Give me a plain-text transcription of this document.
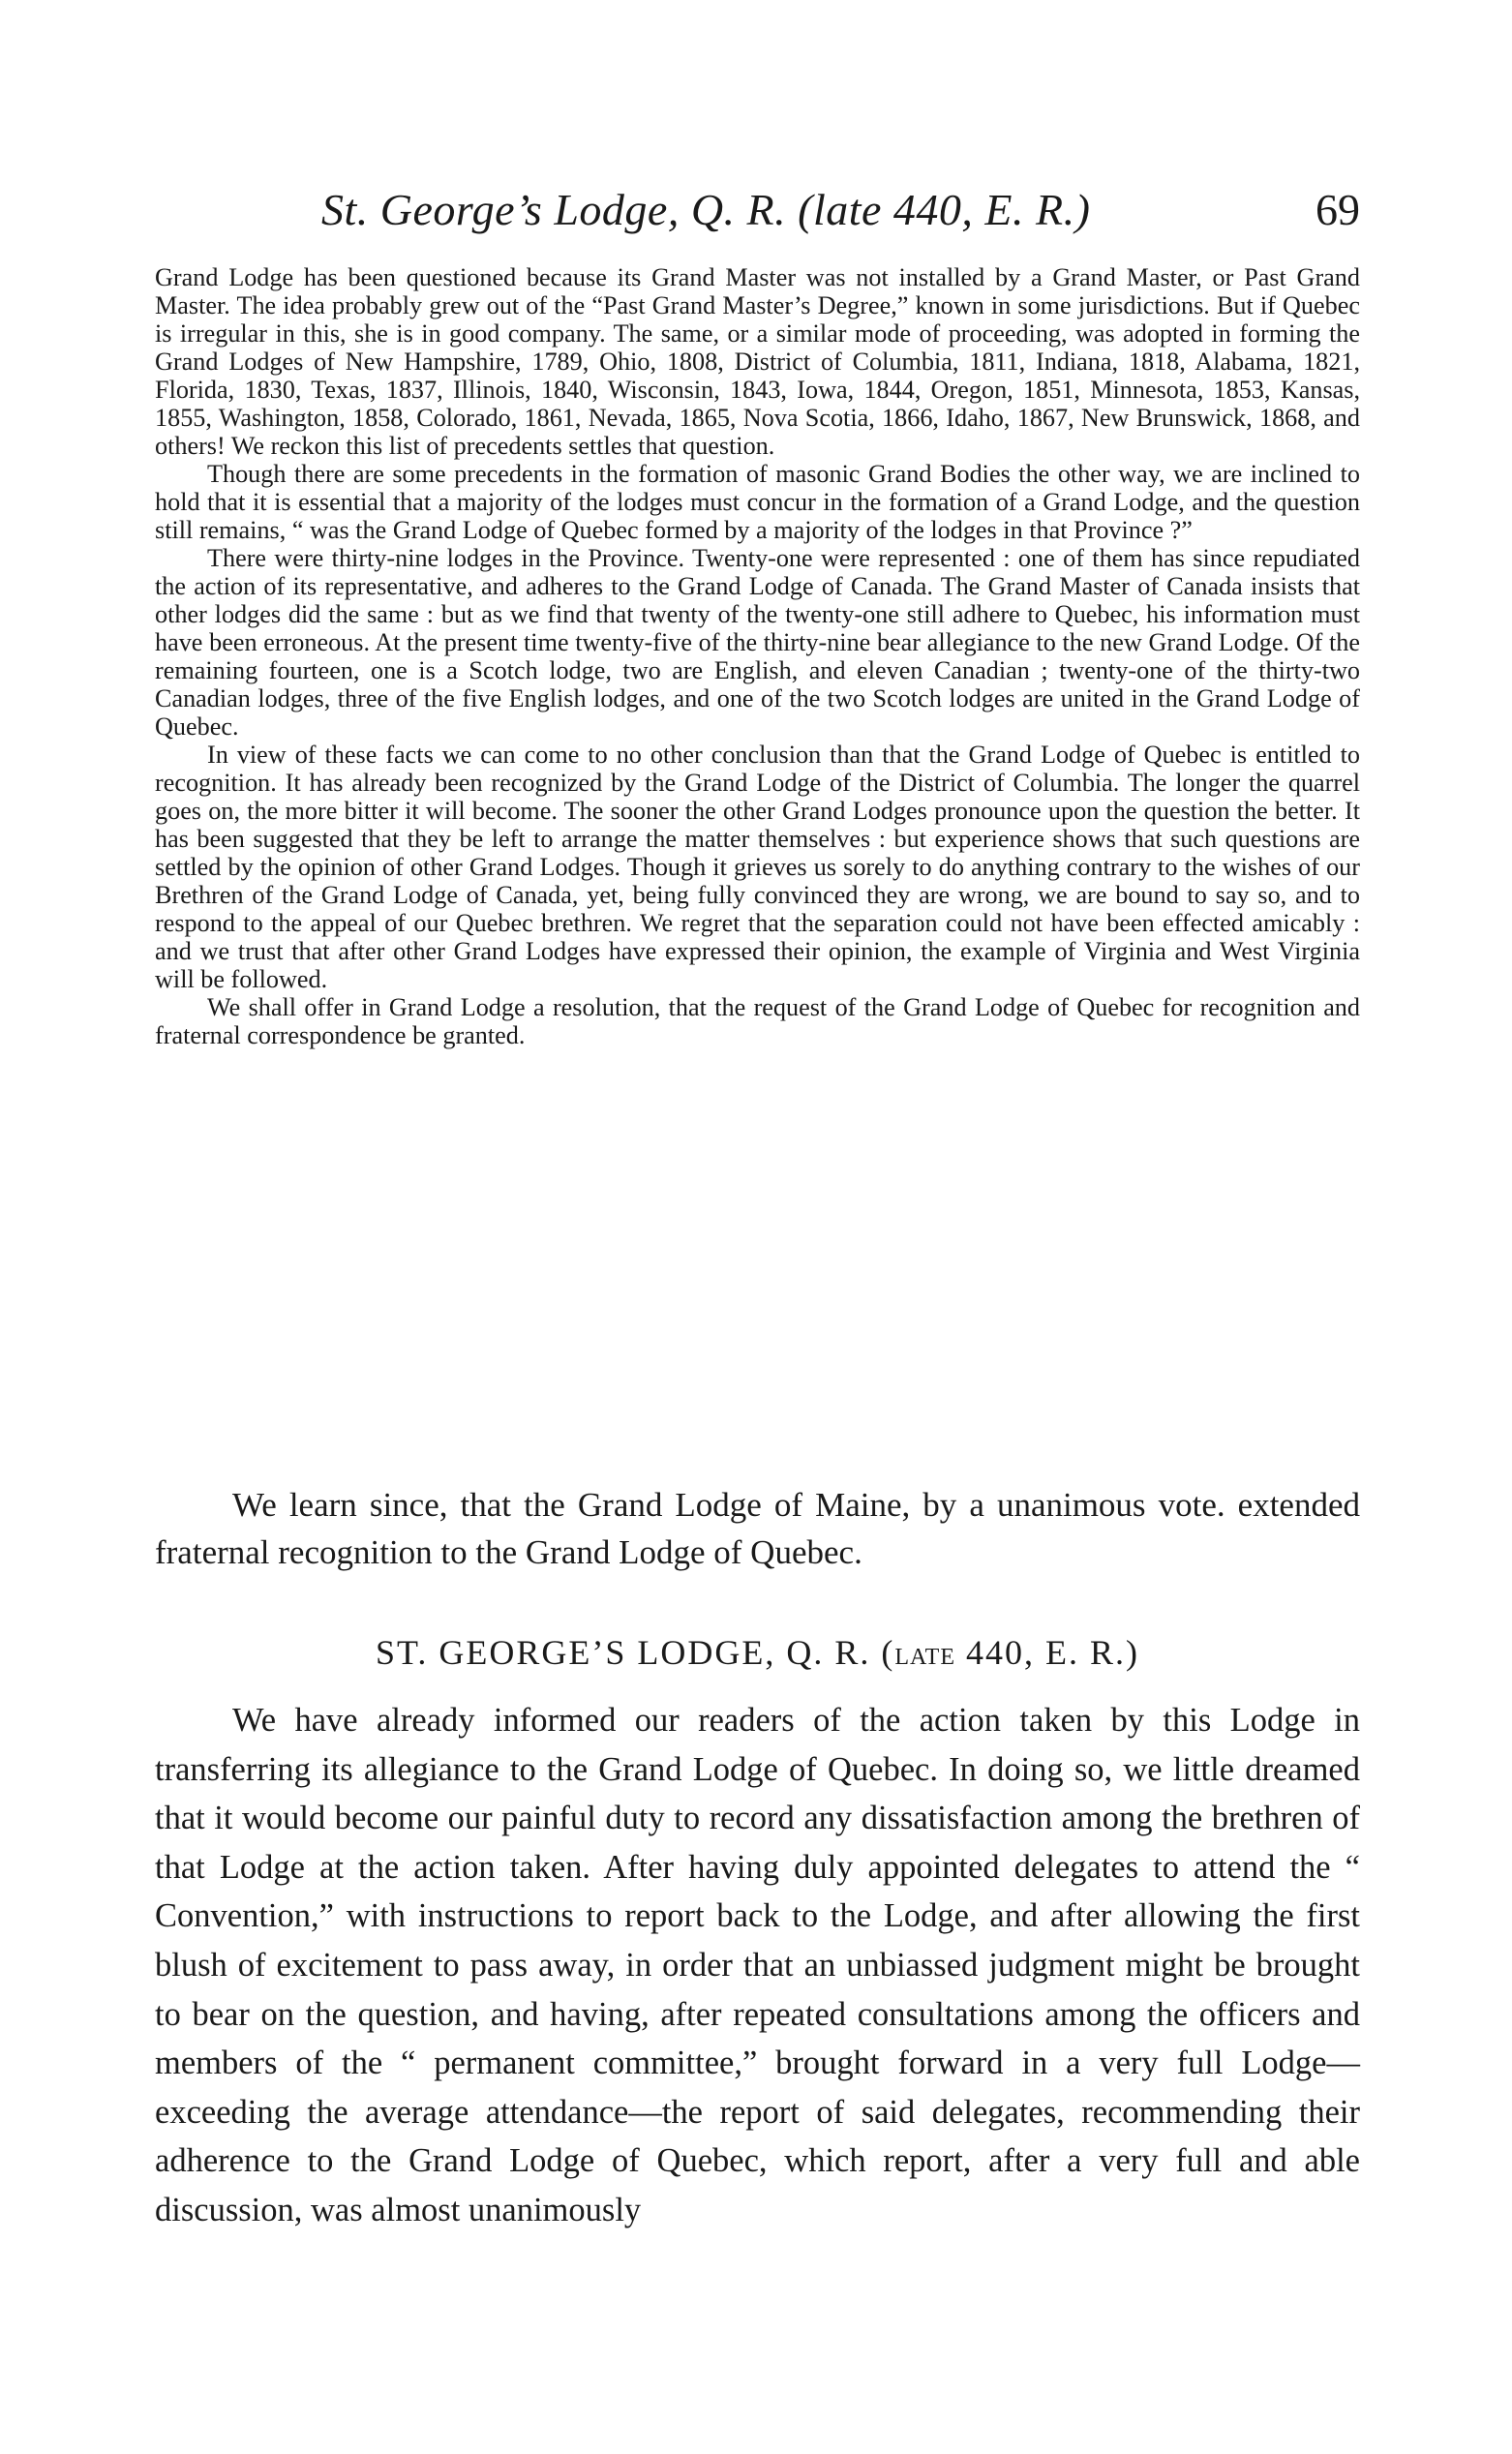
St. George’s Lodge, Q. R. (late 440, E. R.)	69

Grand Lodge has been questioned because its Grand Master was not installed by a Grand Master, or Past Grand Master. The idea probably grew out of the “Past Grand Master’s Degree,” known in some jurisdictions. But if Quebec is irregular in this, she is in good company. The same, or a similar mode of proceeding, was adopted in forming the Grand Lodges of New Hampshire, 1789, Ohio, 1808, District of Columbia, 1811, Indiana, 1818, Alabama, 1821, Florida, 1830, Texas, 1837, Illinois, 1840, Wisconsin, 1843, Iowa, 1844, Oregon, 1851, Minnesota, 1853, Kansas, 1855, Washington, 1858, Colorado, 1861, Nevada, 1865, Nova Scotia, 1866, Idaho, 1867, New Brunswick, 1868, and others! We reckon this list of precedents settles that question.

Though there are some precedents in the formation of masonic Grand Bodies the other way, we are inclined to hold that it is essential that a majority of the lodges must concur in the formation of a Grand Lodge, and the question still remains, “ was the Grand Lodge of Quebec formed by a majority of the lodges in that Province ?”

There were thirty-nine lodges in the Province. Twenty-one were represented : one of them has since repudiated the action of its representative, and adheres to the Grand Lodge of Canada. The Grand Master of Canada insists that other lodges did the same : but as we find that twenty of the twenty-one still adhere to Quebec, his information must have been erroneous. At the present time twenty-five of the thirty-nine bear allegiance to the new Grand Lodge. Of the remaining fourteen, one is a Scotch lodge, two are English, and eleven Canadian ; twenty-one of the thirty-two Canadian lodges, three of the five English lodges, and one of the two Scotch lodges are united in the Grand Lodge of Quebec.

In view of these facts we can come to no other conclusion than that the Grand Lodge of Quebec is entitled to recognition. It has already been recognized by the Grand Lodge of the District of Columbia. The longer the quarrel goes on, the more bitter it will become. The sooner the other Grand Lodges pronounce upon the question the better. It has been suggested that they be left to arrange the matter themselves : but experience shows that such questions are settled by the opinion of other Grand Lodges. Though it grieves us sorely to do anything contrary to the wishes of our Brethren of the Grand Lodge of Canada, yet, being fully convinced they are wrong, we are bound to say so, and to respond to the appeal of our Quebec brethren. We regret that the separation could not have been effected amicably : and we trust that after other Grand Lodges have expressed their opinion, the example of Virginia and West Virginia will be followed.

We shall offer in Grand Lodge a resolution, that the request of the Grand Lodge of Quebec for recognition and fraternal correspondence be granted.

We learn since, that the Grand Lodge of Maine, by a unanimous vote. extended fraternal recognition to the Grand Lodge of Quebec.

ST. GEORGE’S LODGE, Q. R. (LATE 440, E. R.)

We have already informed our readers of the action taken by this Lodge in transferring its allegiance to the Grand Lodge of Quebec. In doing so, we little dreamed that it would become our painful duty to record any dissatisfaction among the brethren of that Lodge at the action taken. After having duly appointed delegates to attend the “ Convention,” with instructions to report back to the Lodge, and after allowing the first blush of excitement to pass away, in order that an unbiassed judgment might be brought to bear on the question, and having, after repeated consultations among the officers and members of the “ permanent committee,” brought forward in a very full Lodge—exceeding the average attendance—the report of said delegates, recommending their adherence to the Grand Lodge of Quebec, which report, after a very full and able discussion, was almost unanimously
